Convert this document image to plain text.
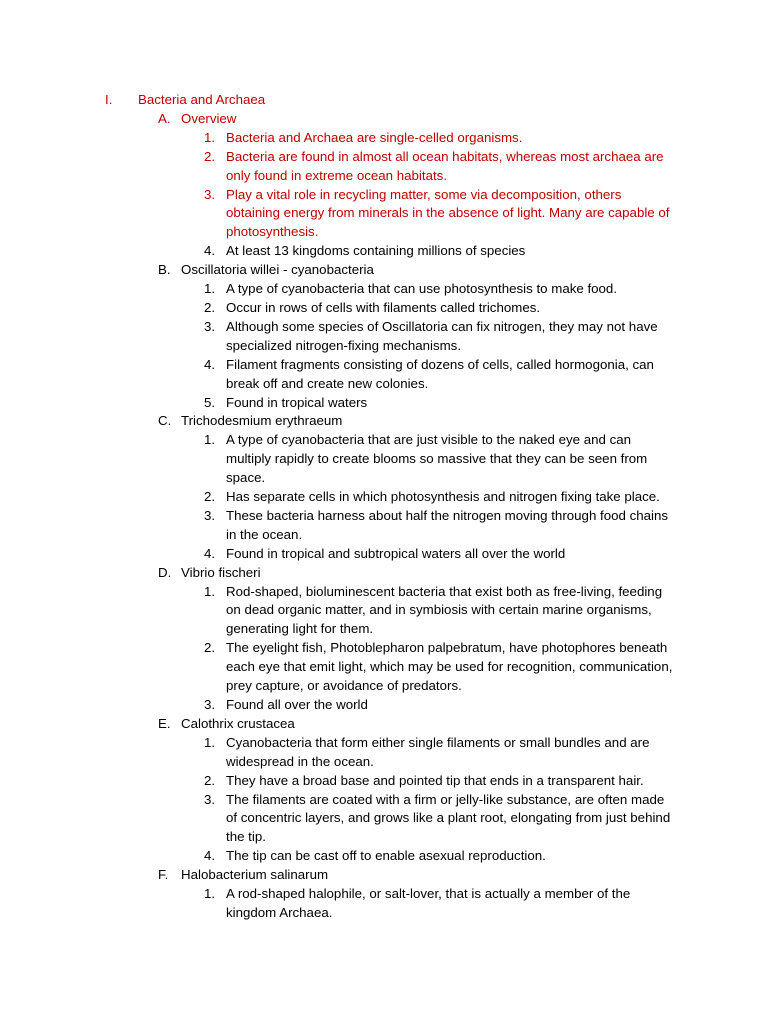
I.	Bacteria and Archaea
A. Overview
1. Bacteria and Archaea are single-celled organisms.
2. Bacteria are found in almost all ocean habitats, whereas most archaea are only found in extreme ocean habitats.
3. Play a vital role in recycling matter, some via decomposition, others obtaining energy from minerals in the absence of light. Many are capable of photosynthesis.
4. At least 13 kingdoms containing millions of species
B. Oscillatoria willei - cyanobacteria
1. A type of cyanobacteria that can use photosynthesis to make food.
2. Occur in rows of cells with filaments called trichomes.
3. Although some species of Oscillatoria can fix nitrogen, they may not have specialized nitrogen-fixing mechanisms.
4. Filament fragments consisting of dozens of cells, called hormogonia, can break off and create new colonies.
5. Found in tropical waters
C. Trichodesmium erythraeum
1. A type of cyanobacteria that are just visible to the naked eye and can multiply rapidly to create blooms so massive that they can be seen from space.
2. Has separate cells in which photosynthesis and nitrogen fixing take place.
3. These bacteria harness about half the nitrogen moving through food chains in the ocean.
4. Found in tropical and subtropical waters all over the world
D. Vibrio fischeri
1. Rod-shaped, bioluminescent bacteria that exist both as free-living, feeding on dead organic matter, and in symbiosis with certain marine organisms, generating light for them.
2. The eyelight fish, Photoblepharon palpebratum, have photophores beneath each eye that emit light, which may be used for recognition, communication, prey capture, or avoidance of predators.
3. Found all over the world
E. Calothrix crustacea
1. Cyanobacteria that form either single filaments or small bundles and are widespread in the ocean.
2. They have a broad base and pointed tip that ends in a transparent hair.
3. The filaments are coated with a firm or jelly-like substance, are often made of concentric layers, and grows like a plant root, elongating from just behind the tip.
4. The tip can be cast off to enable asexual reproduction.
F. Halobacterium salinarum
1. A rod-shaped halophile, or salt-lover, that is actually a member of the kingdom Archaea.
